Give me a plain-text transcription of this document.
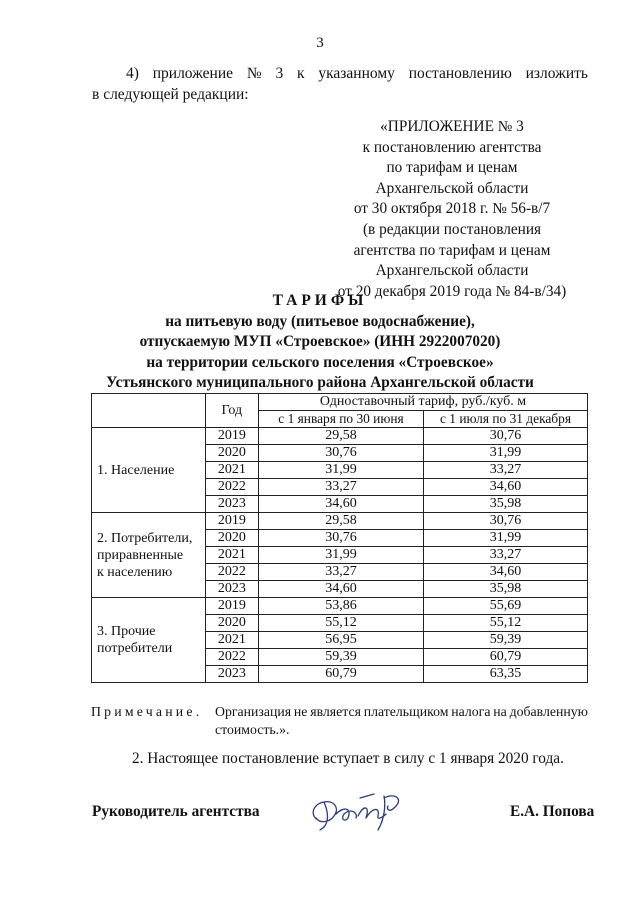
3
4) приложение № 3 к указанному постановлению изложить
в следующей редакции:
«ПРИЛОЖЕНИЕ № 3
к постановлению агентства
по тарифам и ценам
Архангельской области
от 30 октября 2018 г. № 56-в/7
(в редакции постановления
агентства по тарифам и ценам
Архангельской области
от 20 декабря 2019 года № 84-в/34)
ТАРИФЫ
на питьевую воду (питьевое водоснабжение),
отпускаемую МУП «Строевское» (ИНН 2922007020)
на территории сельского поселения «Строевское»
Устьянского муниципального района Архангельской области
	Год	Одноставочный тариф, руб./куб. м	
		с 1 января по 30 июня	с 1 июля по 31 декабря

1. Население	2019	29,58	30,76
	2020	30,76	31,99
	2021	31,99	33,27
	2022	33,27	34,60
	2023	34,60	35,98

2. Потребители,
приравненные
к населению	2019	29,58	30,76
	2020	30,76	31,99
	2021	31,99	33,27
	2022	33,27	34,60
	2023	34,60	35,98

3. Прочие
потребители	2019	53,86	55,69
	2020	55,12	55,12
	2021	56,95	59,39
	2022	59,39	60,79
	2023	60,79	63,35
Примечание. Организация не является плательщиком налога на добавленную
стоимость.».
2. Настоящее постановление вступает в силу с 1 января 2020 года.
Руководитель агентства	Е.А. Попова
